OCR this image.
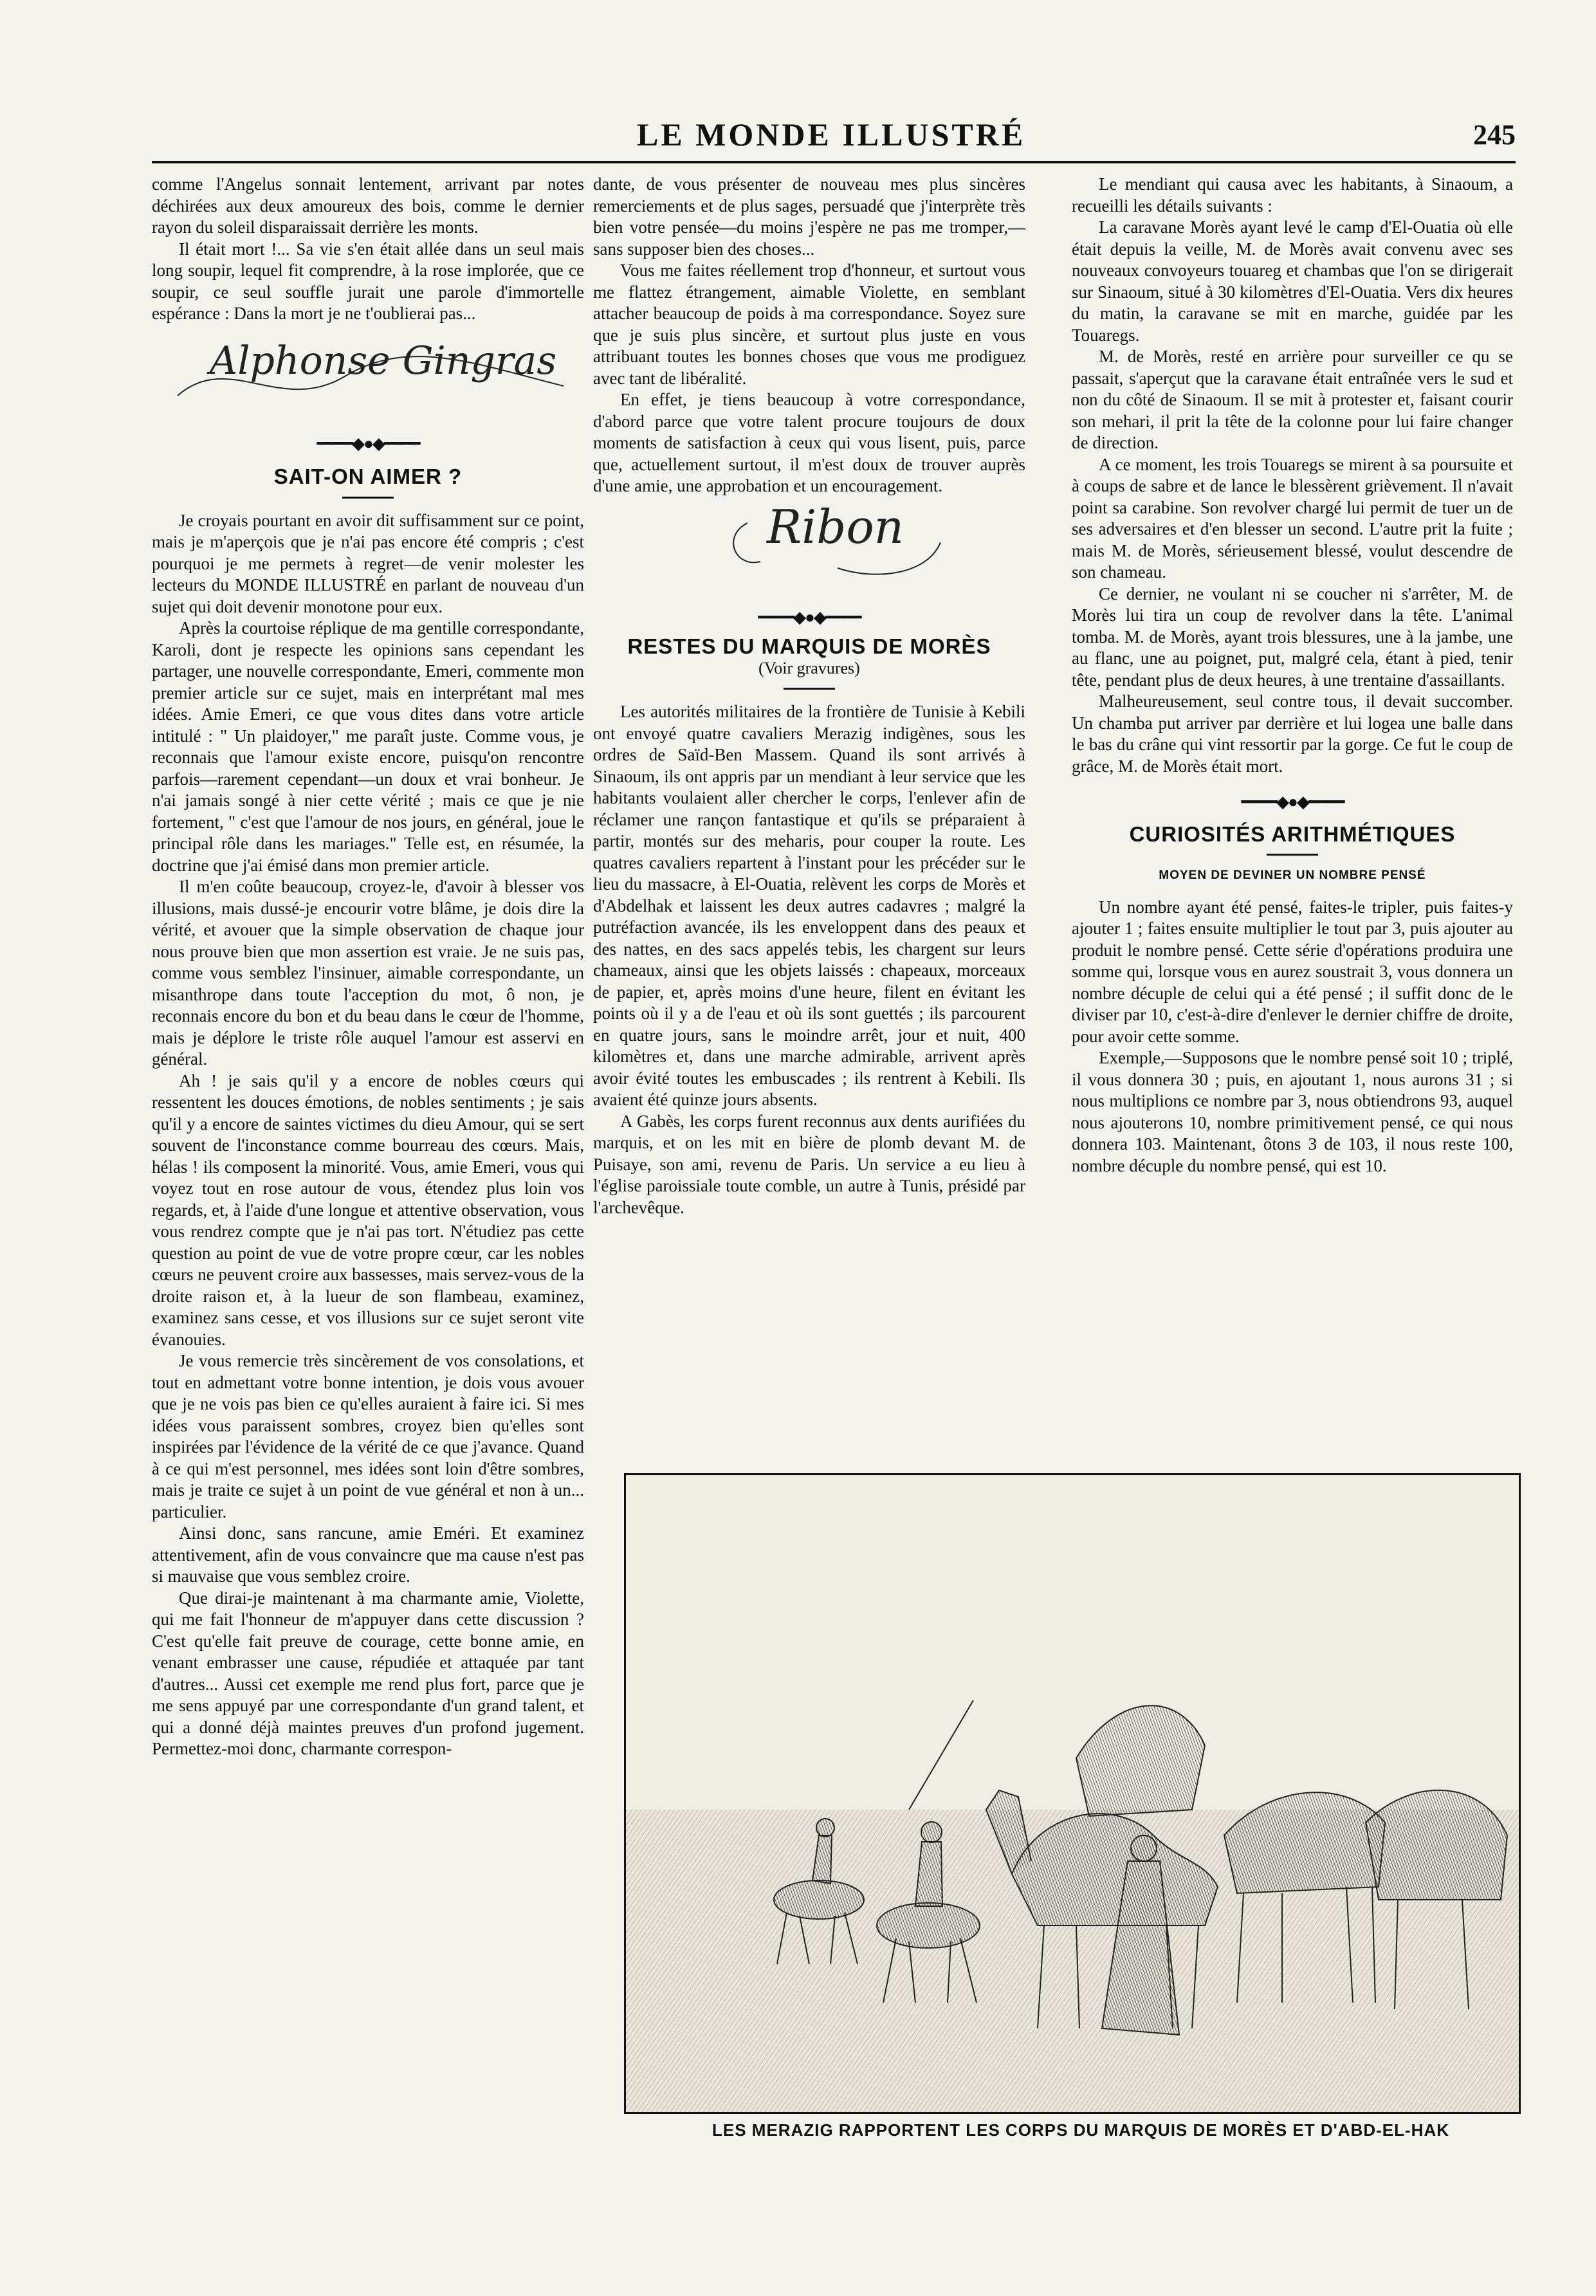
LE MONDE ILLUSTRÉ	245

comme l'Angelus sonnait lentement, arrivant par notes déchirées aux deux amoureux des bois, comme le dernier rayon du soleil disparaissait derrière les monts.

Il était mort !... Sa vie s'en était allée dans un seul mais long soupir, lequel fit comprendre, à la rose implorée, que ce soupir, ce seul souffle jurait une parole d'immortelle espérance : Dans la mort je ne t'oublierai pas...

Alphonse Gingras
━━━━◆●◆━━━━
SAIT-ON AIMER ?

Je croyais pourtant en avoir dit suffisamment sur ce point, mais je m'aperçois que je n'ai pas encore été compris ; c'est pourquoi je me permets à regret—de venir molester les lecteurs du MONDE ILLUSTRÉ en parlant de nouveau d'un sujet qui doit devenir monotone pour eux.

Après la courtoise réplique de ma gentille correspondante, Karoli, dont je respecte les opinions sans cependant les partager, une nouvelle correspondante, Emeri, commente mon premier article sur ce sujet, mais en interprétant mal mes idées. Amie Emeri, ce que vous dites dans votre article intitulé : " Un plaidoyer," me paraît juste. Comme vous, je reconnais que l'amour existe encore, puisqu'on rencontre parfois—rarement cependant—un doux et vrai bonheur. Je n'ai jamais songé à nier cette vérité ; mais ce que je nie fortement, " c'est que l'amour de nos jours, en général, joue le principal rôle dans les mariages." Telle est, en résumée, la doctrine que j'ai émisé dans mon premier article.

Il m'en coûte beaucoup, croyez-le, d'avoir à blesser vos illusions, mais dussé-je encourir votre blâme, je dois dire la vérité, et avouer que la simple observation de chaque jour nous prouve bien que mon assertion est vraie. Je ne suis pas, comme vous semblez l'insinuer, aimable correspondante, un misanthrope dans toute l'acception du mot, ô non, je reconnais encore du bon et du beau dans le cœur de l'homme, mais je déplore le triste rôle auquel l'amour est asservi en général.

Ah ! je sais qu'il y a encore de nobles cœurs qui ressentent les douces émotions, de nobles sentiments ; je sais qu'il y a encore de saintes victimes du dieu Amour, qui se sert souvent de l'inconstance comme bourreau des cœurs. Mais, hélas ! ils composent la minorité. Vous, amie Emeri, vous qui voyez tout en rose autour de vous, étendez plus loin vos regards, et, à l'aide d'une longue et attentive observation, vous vous rendrez compte que je n'ai pas tort. N'étudiez pas cette question au point de vue de votre propre cœur, car les nobles cœurs ne peuvent croire aux bassesses, mais servez-vous de la droite raison et, à la lueur de son flambeau, examinez, examinez sans cesse, et vos illusions sur ce sujet seront vite évanouies.

Je vous remercie très sincèrement de vos consolations, et tout en admettant votre bonne intention, je dois vous avouer que je ne vois pas bien ce qu'elles auraient à faire ici. Si mes idées vous paraissent sombres, croyez bien qu'elles sont inspirées par l'évidence de la vérité de ce que j'avance. Quand à ce qui m'est personnel, mes idées sont loin d'être sombres, mais je traite ce sujet à un point de vue général et non à un... particulier.

Ainsi donc, sans rancune, amie Eméri. Et examinez attentivement, afin de vous convaincre que ma cause n'est pas si mauvaise que vous semblez croire.

Que dirai-je maintenant à ma charmante amie, Violette, qui me fait l'honneur de m'appuyer dans cette discussion ? C'est qu'elle fait preuve de courage, cette bonne amie, en venant embrasser une cause, répudiée et attaquée par tant d'autres... Aussi cet exemple me rend plus fort, parce que je me sens appuyé par une correspondante d'un grand talent, et qui a donné déjà maintes preuves d'un profond jugement. Permettez-moi donc, charmante correspon-

dante, de vous présenter de nouveau mes plus sincères remerciements et de plus sages, persuadé que j'interprète très bien votre pensée—du moins j'espère ne pas me tromper,—sans supposer bien des choses...

Vous me faites réellement trop d'honneur, et surtout vous me flattez étrangement, aimable Violette, en semblant attacher beaucoup de poids à ma correspondance. Soyez sure que je suis plus sincère, et surtout plus juste en vous attribuant toutes les bonnes choses que vous me prodiguez avec tant de libéralité.

En effet, je tiens beaucoup à votre correspondance, d'abord parce que votre talent procure toujours de doux moments de satisfaction à ceux qui vous lisent, puis, parce que, actuellement surtout, il m'est doux de trouver auprès d'une amie, une approbation et un encouragement.

Ribon
━━━━◆●◆━━━━
RESTES DU MARQUIS DE MORÈS
(Voir gravures)

Les autorités militaires de la frontière de Tunisie à Kebili ont envoyé quatre cavaliers Merazig indigènes, sous les ordres de Saïd-Ben Massem. Quand ils sont arrivés à Sinaoum, ils ont appris par un mendiant à leur service que les habitants voulaient aller chercher le corps, l'enlever afin de réclamer une rançon fantastique et qu'ils se préparaient à partir, montés sur des meharis, pour couper la route. Les quatres cavaliers repartent à l'instant pour les précéder sur le lieu du massacre, à El-Ouatia, relèvent les corps de Morès et d'Abdelhak et laissent les deux autres cadavres ; malgré la putréfaction avancée, ils les enveloppent dans des peaux et des nattes, en des sacs appelés tebis, les chargent sur leurs chameaux, ainsi que les objets laissés : chapeaux, morceaux de papier, et, après moins d'une heure, filent en évitant les points où il y a de l'eau et où ils sont guettés ; ils parcourent en quatre jours, sans le moindre arrêt, jour et nuit, 400 kilomètres et, dans une marche admirable, arrivent après avoir évité toutes les embuscades ; ils rentrent à Kebili. Ils avaient été quinze jours absents.

A Gabès, les corps furent reconnus aux dents aurifiées du marquis, et on les mit en bière de plomb devant M. de Puisaye, son ami, revenu de Paris. Un service a eu lieu à l'église paroissiale toute comble, un autre à Tunis, présidé par l'archevêque.

Le mendiant qui causa avec les habitants, à Sinaoum, a recueilli les détails suivants :

La caravane Morès ayant levé le camp d'El-Ouatia où elle était depuis la veille, M. de Morès avait convenu avec ses nouveaux convoyeurs touareg et chambas que l'on se dirigerait sur Sinaoum, situé à 30 kilomètres d'El-Ouatia. Vers dix heures du matin, la caravane se mit en marche, guidée par les Touaregs.

M. de Morès, resté en arrière pour surveiller ce qu se passait, s'aperçut que la caravane était entraînée vers le sud et non du côté de Sinaoum. Il se mit à protester et, faisant courir son mehari, il prit la tête de la colonne pour lui faire changer de direction.

A ce moment, les trois Touaregs se mirent à sa poursuite et à coups de sabre et de lance le blessèrent grièvement. Il n'avait point sa carabine. Son revolver chargé lui permit de tuer un de ses adversaires et d'en blesser un second. L'autre prit la fuite ; mais M. de Morès, sérieusement blessé, voulut descendre de son chameau.

Ce dernier, ne voulant ni se coucher ni s'arrêter, M. de Morès lui tira un coup de revolver dans la tête. L'animal tomba. M. de Morès, ayant trois blessures, une à la jambe, une au flanc, une au poignet, put, malgré cela, étant à pied, tenir tête, pendant plus de deux heures, à une trentaine d'assaillants.

Malheureusement, seul contre tous, il devait succomber. Un chamba put arriver par derrière et lui logea une balle dans le bas du crâne qui vint ressortir par la gorge. Ce fut le coup de grâce, M. de Morès était mort.

━━━━◆●◆━━━━
CURIOSITÉS ARITHMÉTIQUES
MOYEN DE DEVINER UN NOMBRE PENSÉ

Un nombre ayant été pensé, faites-le tripler, puis faites-y ajouter 1 ; faites ensuite multiplier le tout par 3, puis ajouter au produit le nombre pensé. Cette série d'opérations produira une somme qui, lorsque vous en aurez soustrait 3, vous donnera un nombre décuple de celui qui a été pensé ; il suffit donc de le diviser par 10, c'est-à-dire d'enlever le dernier chiffre de droite, pour avoir cette somme.

Exemple,—Supposons que le nombre pensé soit 10 ; triplé, il vous donnera 30 ; puis, en ajoutant 1, nous aurons 31 ; si nous multiplions ce nombre par 3, nous obtiendrons 93, auquel nous ajouterons 10, nombre primitivement pensé, ce qui nous donnera 103. Maintenant, ôtons 3 de 103, il nous reste 100, nombre décuple du nombre pensé, qui est 10.

LES MERAZIG RAPPORTENT LES CORPS DU MARQUIS DE MORÈS ET D'ABD-EL-HAK
